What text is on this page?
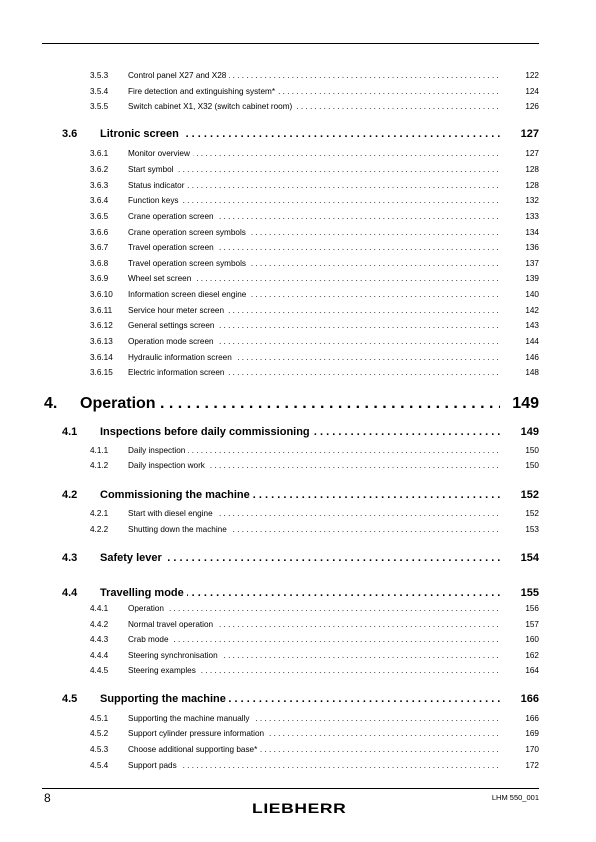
3.5.3 Control panel X27 and X28 . . .	122
3.5.4 Fire detection and extinguishing system* . . .	124
3.5.5 Switch cabinet X1, X32 (switch cabinet room) . . .	126
3.6 Litronic screen . . .	127
3.6.1 Monitor overview . . .	127
3.6.2 Start symbol . . .	128
3.6.3 Status indicator . . .	128
3.6.4 Function keys . . .	132
3.6.5 Crane operation screen . . .	133
3.6.6 Crane operation screen symbols . . .	134
3.6.7 Travel operation screen . . .	136
3.6.8 Travel operation screen symbols . . .	137
3.6.9 Wheel set screen . . .	139
3.6.10 Information screen diesel engine . . .	140
3.6.11 Service hour meter screen . . .	142
3.6.12 General settings screen . . .	143
3.6.13 Operation mode screen . . .	144
3.6.14 Hydraulic information screen . . .	146
3.6.15 Electric information screen . . .	148
4. Operation . . .	149
4.1 Inspections before daily commissioning . . .	149
4.1.1 Daily inspection . . .	150
4.1.2 Daily inspection work . . .	150
4.2 Commissioning the machine . . .	152
4.2.1 Start with diesel engine . . .	152
4.2.2 Shutting down the machine . . .	153
4.3 Safety lever . . .	154
4.4 Travelling mode . . .	155
4.4.1 Operation . . .	156
4.4.2 Normal travel operation . . .	157
4.4.3 Crab mode . . .	160
4.4.4 Steering synchronisation . . .	162
4.4.5 Steering examples . . .	164
4.5 Supporting the machine . . .	166
4.5.1 Supporting the machine manually . . .	166
4.5.2 Support cylinder pressure information . . .	169
4.5.3 Choose additional supporting base* . . .	170
4.5.4 Support pads . . .	172
8	LHM 550_001
LIEBHERR
